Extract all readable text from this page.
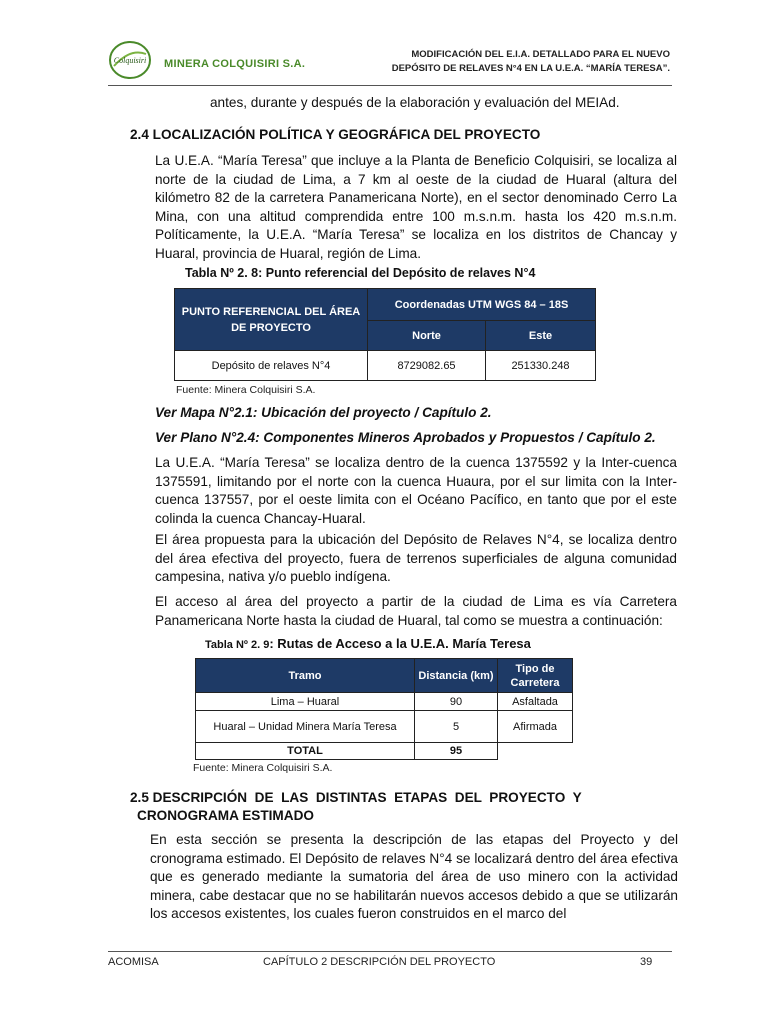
Colquisiri MINERA COLQUISIRI S.A.
MODIFICACIÓN DEL E.I.A. DETALLADO PARA EL NUEVO
DEPÓSITO DE RELAVES N°4 EN LA U.E.A. “MARÍA TERESA”.
antes, durante y después de la elaboración y evaluación del MEIAd.
2.4 LOCALIZACIÓN POLÍTICA Y GEOGRÁFICA DEL PROYECTO
La U.E.A. “María Teresa” que incluye a la Planta de Beneficio Colquisiri, se localiza al norte de la ciudad de Lima, a 7 km al oeste de la ciudad de Huaral (altura del kilómetro 82 de la carretera Panamericana Norte), en el sector denominado Cerro La Mina, con una altitud comprendida entre 100 m.s.n.m. hasta los 420 m.s.n.m. Políticamente, la U.E.A. “María Teresa” se localiza en los distritos de Chancay y Huaral, provincia de Huaral, región de Lima.
Tabla Nº 2. 8: Punto referencial del Depósito de relaves N°4
PUNTO REFERENCIAL DEL ÁREA DE PROYECTO	Coordenadas UTM WGS 84 – 18S	
	Norte	Este
Depósito de relaves N°4	8729082.65	251330.248
Fuente: Minera Colquisiri S.A.
Ver Mapa N°2.1: Ubicación del proyecto / Capítulo 2.
Ver Plano N°2.4: Componentes Mineros Aprobados y Propuestos / Capítulo 2.
La U.E.A. “María Teresa” se localiza dentro de la cuenca 1375592 y la Inter-cuenca 1375591, limitando por el norte con la cuenca Huaura, por el sur limita con la Inter-cuenca 137557, por el oeste limita con el Océano Pacífico, en tanto que por el este colinda la cuenca Chancay-Huaral.
El área propuesta para la ubicación del Depósito de Relaves N°4, se localiza dentro del área efectiva del proyecto, fuera de terrenos superficiales de alguna comunidad campesina, nativa y/o pueblo indígena.
El acceso al área del proyecto a partir de la ciudad de Lima es vía Carretera Panamericana Norte hasta la ciudad de Huaral, tal como se muestra a continuación:
Tabla Nº 2. 9: Rutas de Acceso a la U.E.A. María Teresa
Tramo	Distancia (km)	Tipo de Carretera
Lima – Huaral	90	Asfaltada
Huaral – Unidad Minera María Teresa	5	Afirmada
TOTAL	95	
Fuente: Minera Colquisiri S.A.
2.5 DESCRIPCIÓN  DE  LAS  DISTINTAS  ETAPAS  DEL  PROYECTO  Y
CRONOGRAMA ESTIMADO
En esta sección se presenta la descripción de las etapas del Proyecto y del cronograma estimado. El Depósito de relaves N°4 se localizará dentro del área efectiva que es generado mediante la sumatoria del área de uso minero con la actividad minera, cabe destacar que no se habilitarán nuevos accesos debido a que se utilizarán los accesos existentes, los cuales fueron construidos en el marco del
ACOMISA	CAPÍTULO 2 DESCRIPCIÓN DEL PROYECTO	39
